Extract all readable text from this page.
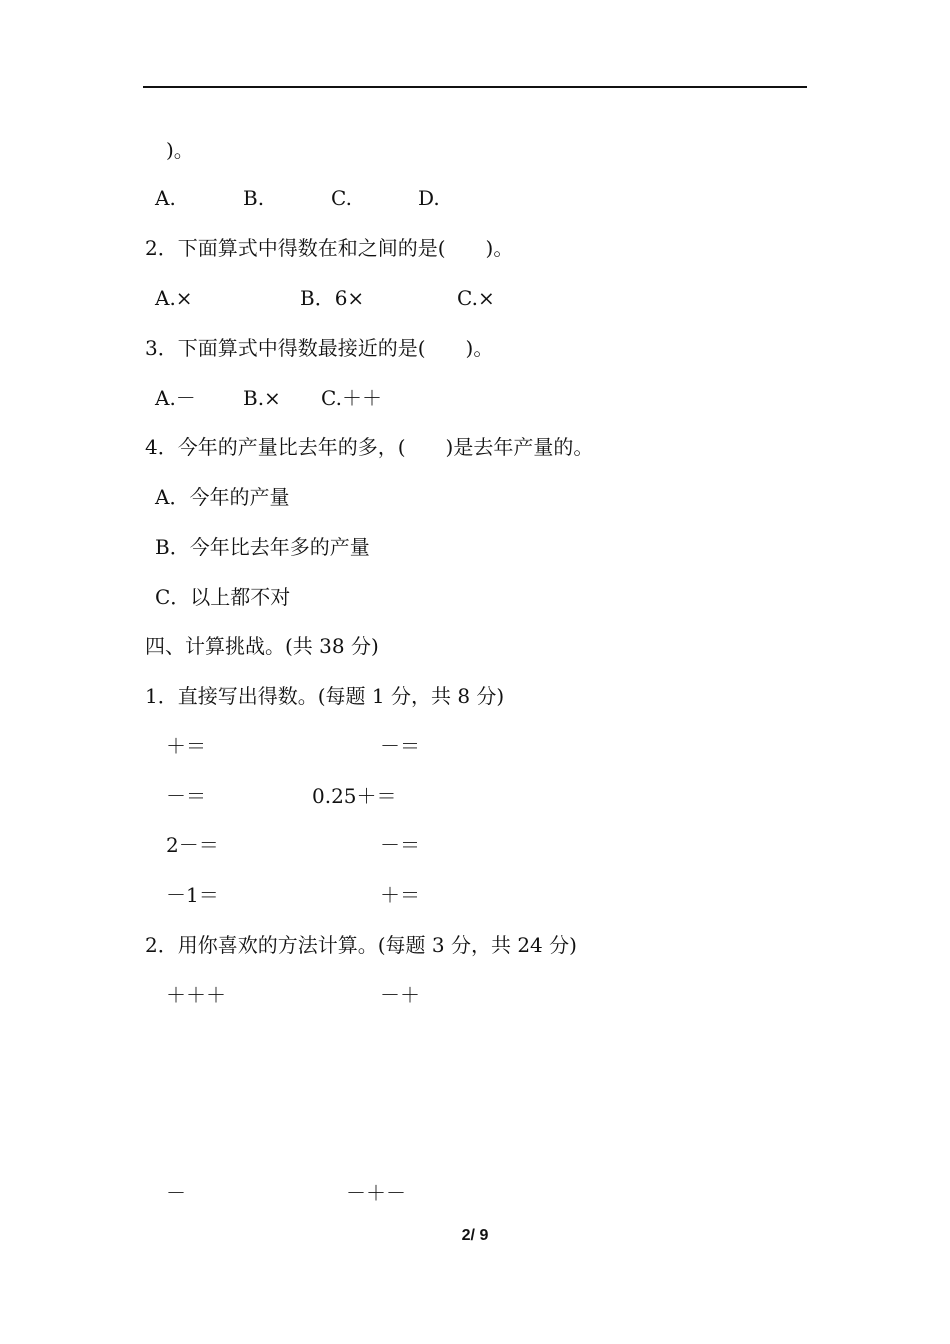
)。
A.	B.	C.	D.
2．下面算式中得数在和之间的是(　　)。
A.×	B．6×	C.×
3．下面算式中得数最接近的是(　　)。
A.－ B.× C.＋＋
4．今年的产量比去年的多，(　　)是去年产量的。
A．今年的产量
B．今年比去年多的产量
C．以上都不对
四、计算挑战。(共 38 分)
1．直接写出得数。(每题 1 分，共 8 分)
＋＝	－＝
－＝	0.25＋＝
2－＝	－＝
－1＝	＋＝
2．用你喜欢的方法计算。(每题 3 分，共 24 分)
＋＋＋	－＋
－	－＋－
2/ 9
